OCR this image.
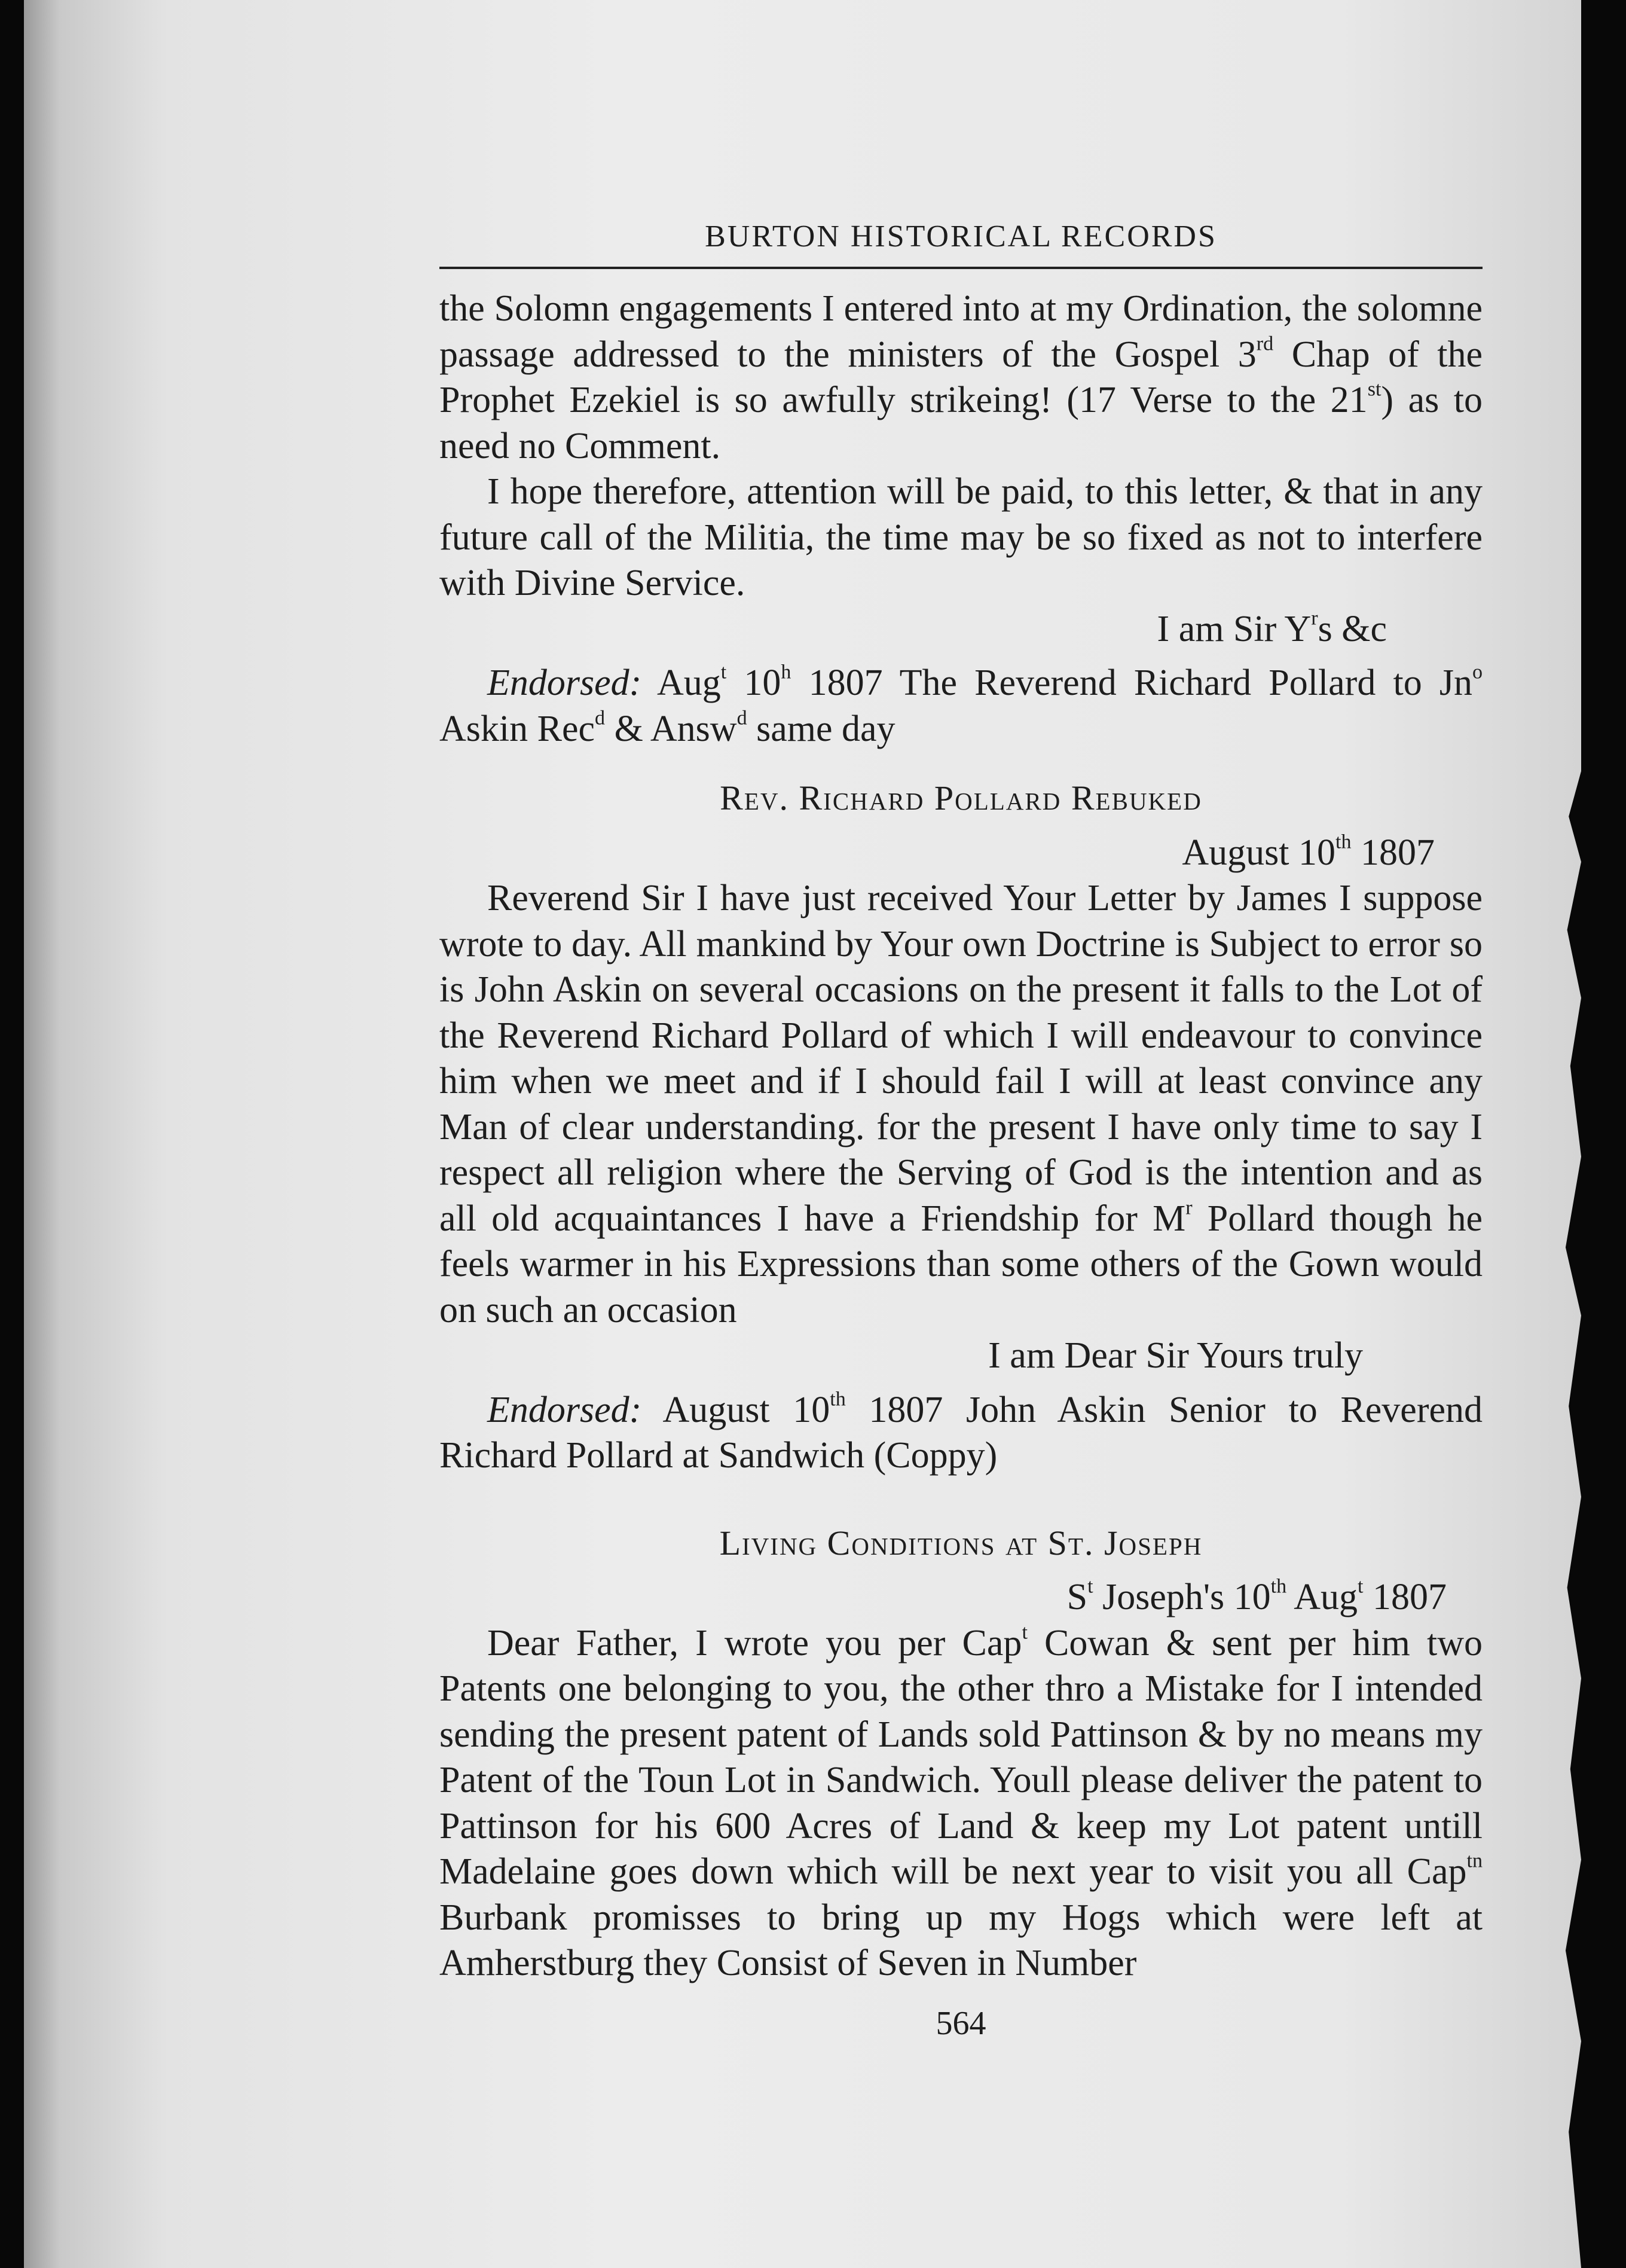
BURTON HISTORICAL RECORDS

the Solomn engagements I entered into at my Ordination, the solomne passage addressed to the ministers of the Gospel 3rd Chap of the Prophet Ezekiel is so awfully strikeing! (17 Verse to the 21st) as to need no Comment.

I hope therefore, attention will be paid, to this letter, & that in any future call of the Militia, the time may be so fixed as not to interfere with Divine Service.

I am Sir $Y^rs$ &c

Endorsed: Aug$^t$ 10$^h$ 1807 The Reverend Richard Pollard to Jn$^o$ Askin Rec$^d$ & Answ$^d$ same day

Rev. Richard Pollard Rebuked
August 10th 1807

Reverend Sir I have just received Your Letter by James I suppose wrote to day. All mankind by Your own Doctrine is Subject to error so is John Askin on several occasions on the present it falls to the Lot of the Reverend Richard Pollard of which I will endeavour to convince him when we meet and if I should fail I will at least convince any Man of clear understanding. for the present I have only time to say I respect all religion where the Serving of God is the intention and as all old acquaintances I have a Friendship for $M^r$ Pollard though he feels warmer in his Expressions than some others of the Gown would on such an occasion

I am Dear Sir Yours truly

Endorsed: August 10th 1807 John Askin Senior to Reverend Richard Pollard at Sandwich (Coppy)

Living Conditions at St. Joseph
$S^t$ Joseph's 10th Aug$^t$ 1807

Dear Father, I wrote you per Cap$^t$ Cowan & sent per him two Patents one belonging to you, the other thro a Mistake for I intended sending the present patent of Lands sold Pattinson & by no means my Patent of the Toun Lot in Sandwich. Youll please deliver the patent to Pattinson for his 600 Acres of Land & keep my Lot patent untill Madelaine goes down which will be next year to visit you all Cap$^{tn}$ Burbank promisses to bring up my Hogs which were left at Amherstburg they Consist of Seven in Number

564
